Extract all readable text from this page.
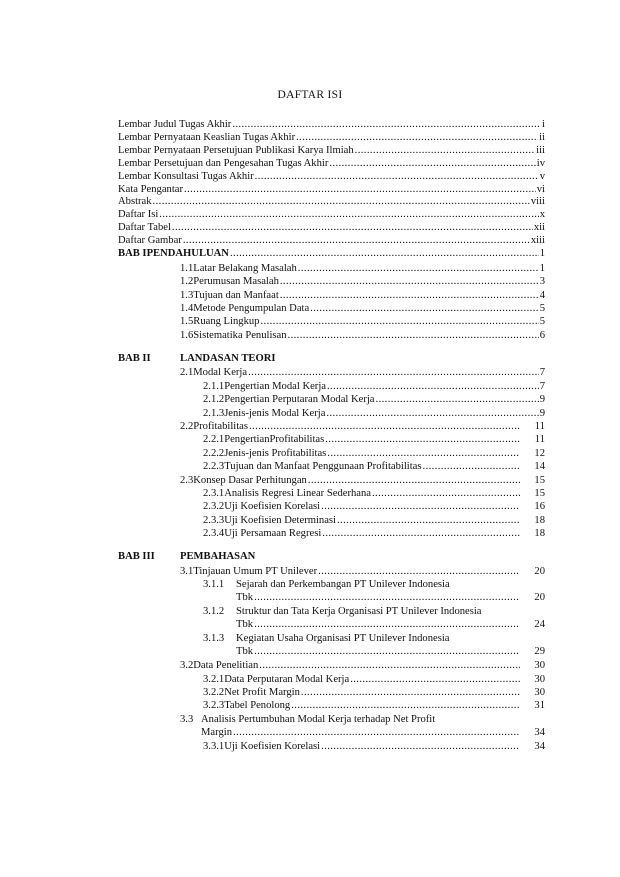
DAFTAR ISI
Lembar Judul Tugas Akhir .....	i
Lembar Pernyataan Keaslian Tugas Akhir .....	ii
Lembar Pernyataan Persetujuan Publikasi Karya Ilmiah .....	iii
Lembar Persetujuan dan Pengesahan Tugas Akhir .....	iv
Lembar Konsultasi Tugas Akhir .....	v
Kata Pengantar .....	vi
Abstrak .....	viii
Daftar Isi .....	x
Daftar Tabel .....	xii
Daftar Gambar .....	xiii
BAB I PENDAHULUAN .....	1
1.1 Latar Belakang Masalah .....	1
1.2 Perumusan Masalah .....	3
1.3 Tujuan dan Manfaat .....	4
1.4 Metode Pengumpulan Data .....	5
1.5 Ruang Lingkup .....	5
1.6 Sistematika Penulisan .....	6
BAB II	LANDASAN TEORI
2.1 Modal Kerja .....	7
2.1.1 Pengertian Modal Kerja .....	7
2.1.2 Pengertian Perputaran Modal Kerja .....	9
2.1.3 Jenis-jenis Modal Kerja .....	9
2.2 Profitabilitas .....	11
2.2.1 PengertianProfitabilitas .....	11
2.2.2 Jenis-jenis Profitabilitas .....	12
2.2.3 Tujuan dan Manfaat Penggunaan Profitabilitas .....	14
2.3 Konsep Dasar Perhitungan .....	15
2.3.1 Analisis Regresi Linear Sederhana .....	15
2.3.2 Uji Koefisien Korelasi .....	16
2.3.3 Uji Koefisien Determinasi .....	18
2.3.4 Uji Persamaan Regresi .....	18
BAB III	PEMBAHASAN
3.1 Tinjauan Umum PT Unilever .....	20
3.1.1	Sejarah dan Perkembangan PT Unilever Indonesia
Tbk .....	20
3.1.2	Struktur dan Tata Kerja Organisasi PT Unilever Indonesia
Tbk .....	24
3.1.3	Kegiatan Usaha Organisasi PT Unilever Indonesia
Tbk .....	29
3.2 Data Penelitian .....	30
3.2.1 Data Perputaran Modal Kerja .....	30
3.2.2 Net Profit Margin .....	30
3.2.3 Tabel Penolong .....	31
3.3 Analisis Pertumbuhan Modal Kerja terhadap Net Profit
Margin .....	34
3.3.1 Uji Koefisien Korelasi .....	34
